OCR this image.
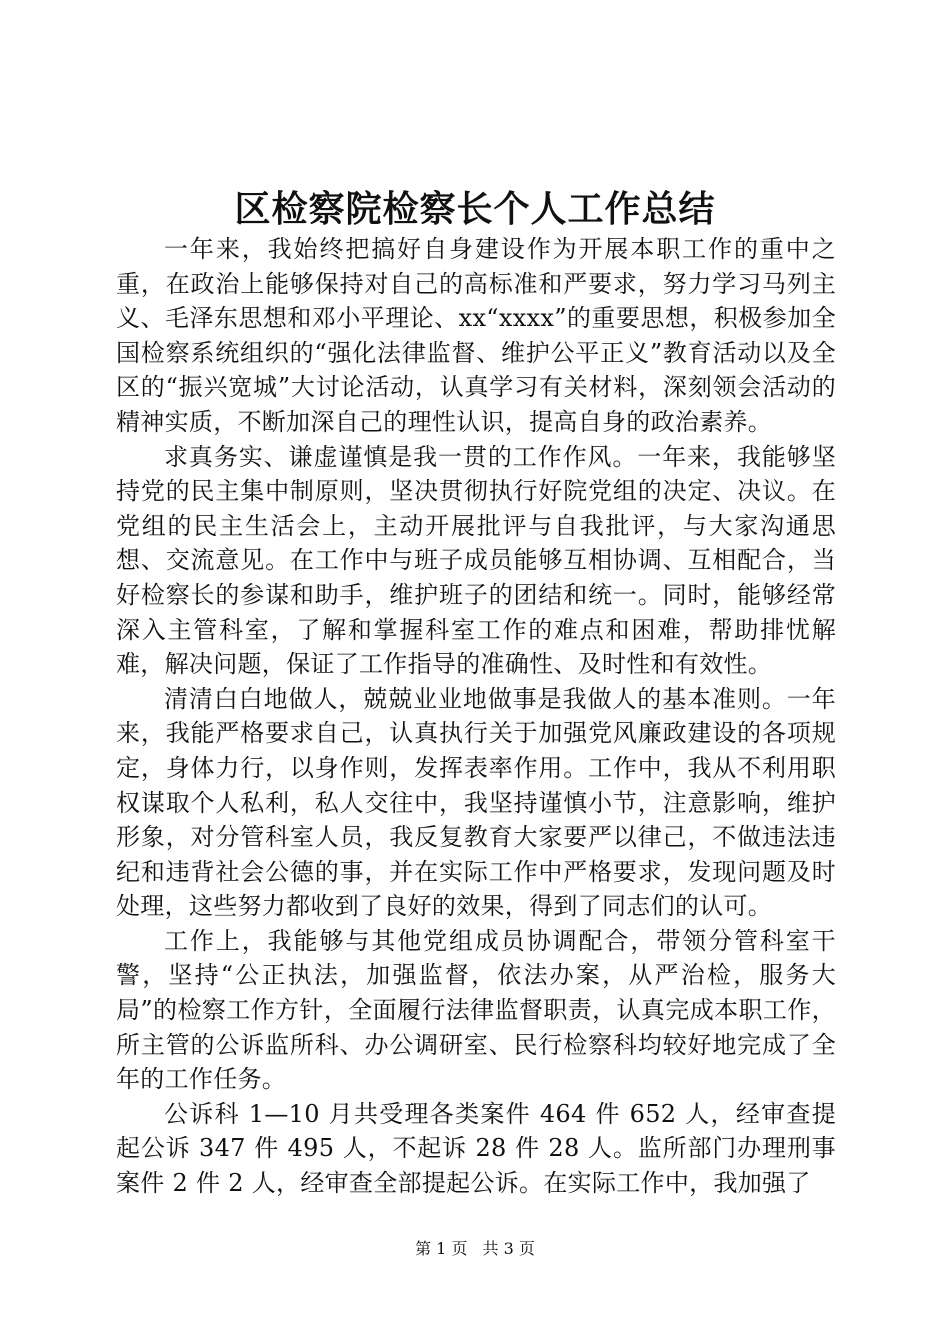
区检察院检察长个人工作总结

一年来，我始终把搞好自身建设作为开展本职工作的重中之重，在政治上能够保持对自己的高标准和严要求，努力学习马列主义、毛泽东思想和邓小平理论、xx“xxxx”的重要思想，积极参加全国检察系统组织的“强化法律监督、维护公平正义”教育活动以及全区的“振兴宽城”大讨论活动，认真学习有关材料，深刻领会活动的精神实质，不断加深自己的理性认识，提高自身的政治素养。

求真务实、谦虚谨慎是我一贯的工作作风。一年来，我能够坚持党的民主集中制原则，坚决贯彻执行好院党组的决定、决议。在党组的民主生活会上，主动开展批评与自我批评，与大家沟通思想、交流意见。在工作中与班子成员能够互相协调、互相配合，当好检察长的参谋和助手，维护班子的团结和统一。同时，能够经常深入主管科室，了解和掌握科室工作的难点和困难，帮助排忧解难，解决问题，保证了工作指导的准确性、及时性和有效性。

清清白白地做人，兢兢业业地做事是我做人的基本准则。一年来，我能严格要求自己，认真执行关于加强党风廉政建设的各项规定，身体力行，以身作则，发挥表率作用。工作中，我从不利用职权谋取个人私利，私人交往中，我坚持谨慎小节，注意影响，维护形象，对分管科室人员，我反复教育大家要严以律己，不做违法违纪和违背社会公德的事，并在实际工作中严格要求，发现问题及时处理，这些努力都收到了良好的效果，得到了同志们的认可。

工作上，我能够与其他党组成员协调配合，带领分管科室干警，坚持“公正执法，加强监督，依法办案，从严治检，服务大局”的检察工作方针，全面履行法律监督职责，认真完成本职工作，所主管的公诉监所科、办公调研室、民行检察科均较好地完成了全年的工作任务。

公诉科 1—10 月共受理各类案件 464 件 652 人，经审查提起公诉 347 件 495 人，不起诉 28 件 28 人。监所部门办理刑事案件 2 件 2 人，经审查全部提起公诉。在实际工作中，我加强了

第 1 页 共 3 页
